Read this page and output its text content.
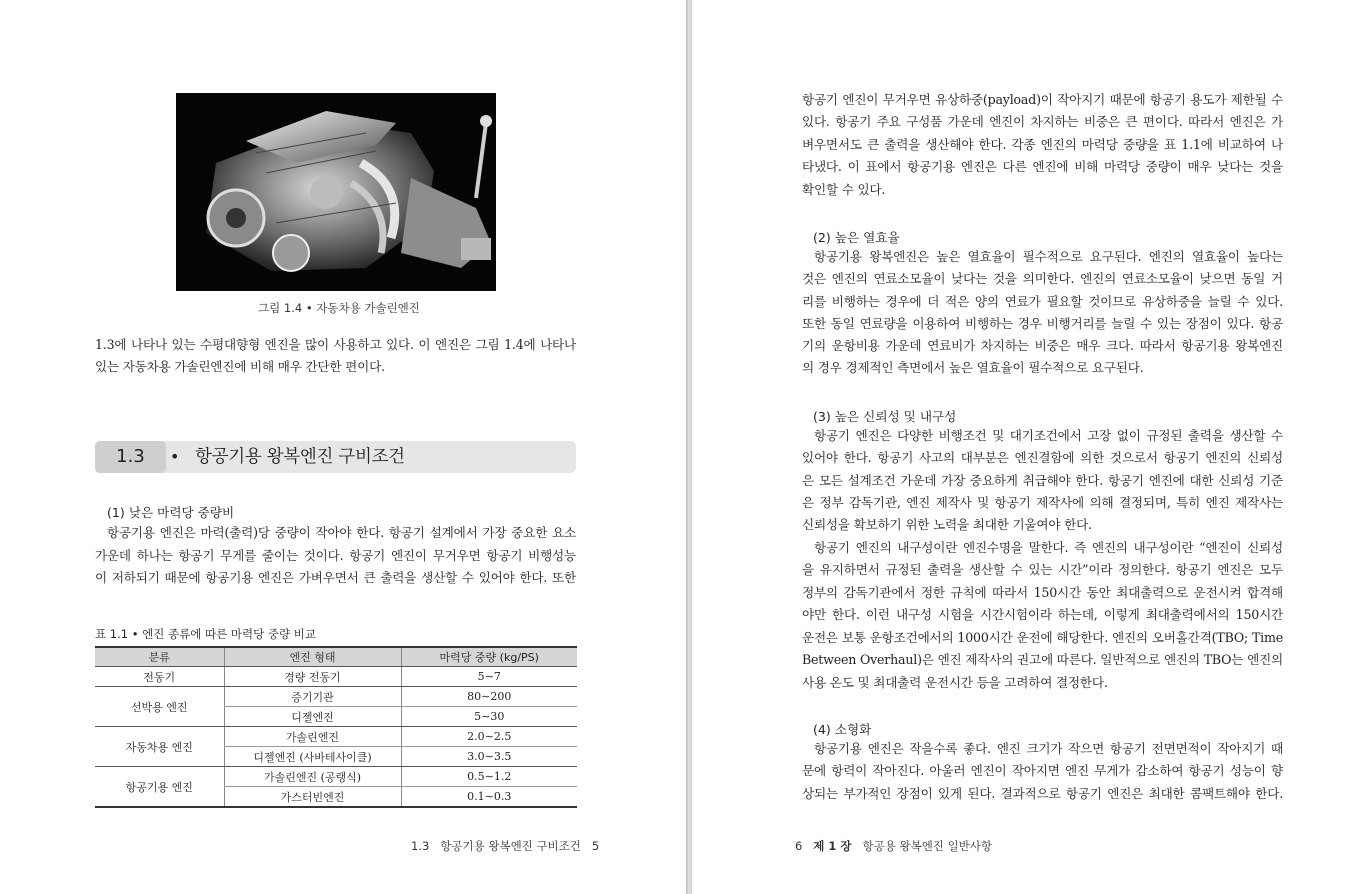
그림 1.4 • 자동차용 가솔린엔진
1.3에 나타나 있는 수평대향형 엔진을 많이 사용하고 있다. 이 엔진은 그림 1.4에 나타나
있는 자동차용 가솔린엔진에 비해 매우 간단한 편이다.
1.3	• 항공기용 왕복엔진 구비조건
(1) 낮은 마력당 중량비
항공기용 엔진은 마력(출력)당 중량이 작아야 한다. 항공기 설계에서 가장 중요한 요소
가운데 하나는 항공기 무게를 줄이는 것이다. 항공기 엔진이 무거우면 항공기 비행성능
이 저하되기 때문에 항공기용 엔진은 가벼우면서 큰 출력을 생산할 수 있어야 한다. 또한
표 1.1 • 엔진 종류에 따른 마력당 중량 비교
분류	엔진 형태	마력당 중량 (kg/PS)
전동기	경량 전동기	5∼7
선박용 엔진	증기기관	80∼200
	디젤엔진	5∼30
자동차용 엔진	가솔린엔진	2.0∼2.5
	디젤엔진 (사바테사이클)	3.0∼3.5
항공기용 엔진	가솔린엔진 (공랭식)	0.5∼1.2
	가스터빈엔진	0.1∼0.3
1.3 항공기용 왕복엔진 구비조건 5
항공기 엔진이 무거우면 유상하중(payload)이 작아지기 때문에 항공기 용도가 제한될 수
있다. 항공기 주요 구성품 가운데 엔진이 차지하는 비중은 큰 편이다. 따라서 엔진은 가
벼우면서도 큰 출력을 생산해야 한다. 각종 엔진의 마력당 중량을 표 1.1에 비교하여 나
타냈다. 이 표에서 항공기용 엔진은 다른 엔진에 비해 마력당 중량이 매우 낮다는 것을
확인할 수 있다.
(2) 높은 열효율
항공기용 왕복엔진은 높은 열효율이 필수적으로 요구된다. 엔진의 열효율이 높다는
것은 엔진의 연료소모율이 낮다는 것을 의미한다. 엔진의 연료소모율이 낮으면 동일 거
리를 비행하는 경우에 더 적은 양의 연료가 필요할 것이므로 유상하중을 늘릴 수 있다.
또한 동일 연료량을 이용하여 비행하는 경우 비행거리를 늘릴 수 있는 장점이 있다. 항공
기의 운항비용 가운데 연료비가 차지하는 비중은 매우 크다. 따라서 항공기용 왕복엔진
의 경우 경제적인 측면에서 높은 열효율이 필수적으로 요구된다.
(3) 높은 신뢰성 및 내구성
항공기 엔진은 다양한 비행조건 및 대기조건에서 고장 없이 규정된 출력을 생산할 수
있어야 한다. 항공기 사고의 대부분은 엔진결함에 의한 것으로서 항공기 엔진의 신뢰성
은 모든 설계조건 가운데 가장 중요하게 취급해야 한다. 항공기 엔진에 대한 신뢰성 기준
은 정부 감독기관, 엔진 제작사 및 항공기 제작사에 의해 결정되며, 특히 엔진 제작사는
신뢰성을 확보하기 위한 노력을 최대한 기울여야 한다.
항공기 엔진의 내구성이란 엔진수명을 말한다. 즉 엔진의 내구성이란 “엔진이 신뢰성
을 유지하면서 규정된 출력을 생산할 수 있는 시간”이라 정의한다. 항공기 엔진은 모두
정부의 감독기관에서 정한 규칙에 따라서 150시간 동안 최대출력으로 운전시켜 합격해
야만 한다. 이런 내구성 시험을 시간시험이라 하는데, 이렇게 최대출력에서의 150시간
운전은 보통 운항조건에서의 1000시간 운전에 해당한다. 엔진의 오버홀간격(TBO; Time
Between Overhaul)은 엔진 제작사의 권고에 따른다. 일반적으로 엔진의 TBO는 엔진의
사용 온도 및 최대출력 운전시간 등을 고려하여 결정한다.
(4) 소형화
항공기용 엔진은 작을수록 좋다. 엔진 크기가 작으면 항공기 전면면적이 작아지기 때
문에 항력이 작아진다. 아울러 엔진이 작아지면 엔진 무게가 감소하여 항공기 성능이 향
상되는 부가적인 장점이 있게 된다. 결과적으로 항공기 엔진은 최대한 콤팩트해야 한다.
6 제 1 장 항공용 왕복엔진 일반사항
